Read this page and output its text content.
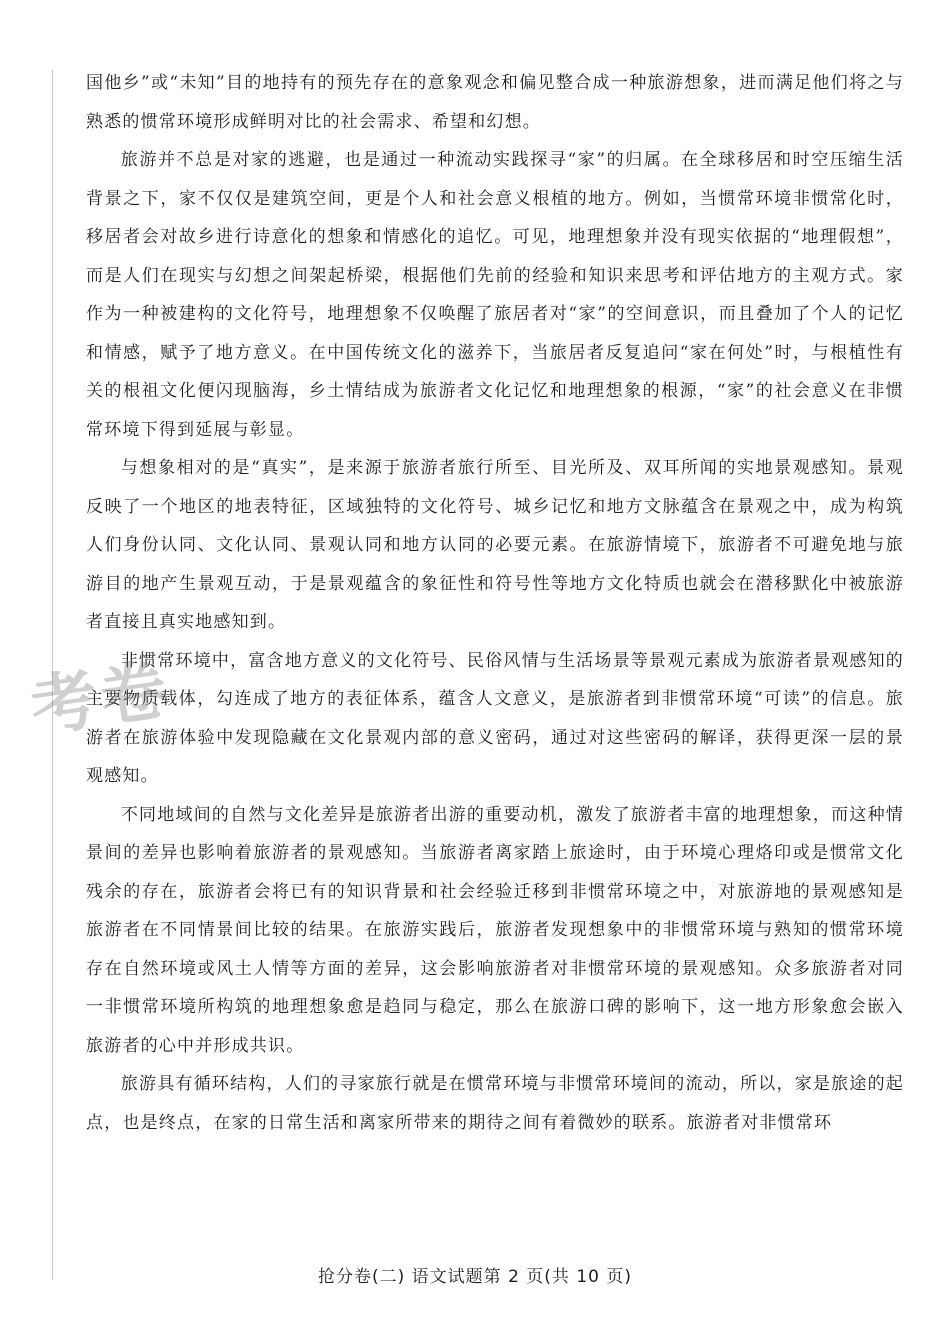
国他乡”或“未知”目的地持有的预先存在的意象观念和偏见整合成一种旅游想象，进而满足他们将之与熟悉的惯常环境形成鲜明对比的社会需求、希望和幻想。

旅游并不总是对家的逃避，也是通过一种流动实践探寻“家”的归属。在全球移居和时空压缩生活背景之下，家不仅仅是建筑空间，更是个人和社会意义根植的地方。例如，当惯常环境非惯常化时，移居者会对故乡进行诗意化的想象和情感化的追忆。可见，地理想象并没有现实依据的“地理假想”，而是人们在现实与幻想之间架起桥梁，根据他们先前的经验和知识来思考和评估地方的主观方式。家作为一种被建构的文化符号，地理想象不仅唤醒了旅居者对“家”的空间意识，而且叠加了个人的记忆和情感，赋予了地方意义。在中国传统文化的滋养下，当旅居者反复追问“家在何处”时，与根植性有关的根祖文化便闪现脑海，乡土情结成为旅游者文化记忆和地理想象的根源，“家”的社会意义在非惯常环境下得到延展与彰显。

与想象相对的是“真实”，是来源于旅游者旅行所至、目光所及、双耳所闻的实地景观感知。景观反映了一个地区的地表特征，区域独特的文化符号、城乡记忆和地方文脉蕴含在景观之中，成为构筑人们身份认同、文化认同、景观认同和地方认同的必要元素。在旅游情境下，旅游者不可避免地与旅游目的地产生景观互动，于是景观蕴含的象征性和符号性等地方文化特质也就会在潜移默化中被旅游者直接且真实地感知到。

非惯常环境中，富含地方意义的文化符号、民俗风情与生活场景等景观元素成为旅游者景观感知的主要物质载体，勾连成了地方的表征体系，蕴含人文意义，是旅游者到非惯常环境“可读”的信息。旅游者在旅游体验中发现隐藏在文化景观内部的意义密码，通过对这些密码的解译，获得更深一层的景观感知。

不同地域间的自然与文化差异是旅游者出游的重要动机，激发了旅游者丰富的地理想象，而这种情景间的差异也影响着旅游者的景观感知。当旅游者离家踏上旅途时，由于环境心理烙印或是惯常文化残余的存在，旅游者会将已有的知识背景和社会经验迁移到非惯常环境之中，对旅游地的景观感知是旅游者在不同情景间比较的结果。在旅游实践后，旅游者发现想象中的非惯常环境与熟知的惯常环境存在自然环境或风土人情等方面的差异，这会影响旅游者对非惯常环境的景观感知。众多旅游者对同一非惯常环境所构筑的地理想象愈是趋同与稳定，那么在旅游口碑的影响下，这一地方形象愈会嵌入旅游者的心中并形成共识。

旅游具有循环结构，人们的寻家旅行就是在惯常环境与非惯常环境间的流动，所以，家是旅途的起点，也是终点，在家的日常生活和离家所带来的期待之间有着微妙的联系。旅游者对非惯常环

考卷
抢分卷(二) 语文试题第 2 页(共 10 页)
